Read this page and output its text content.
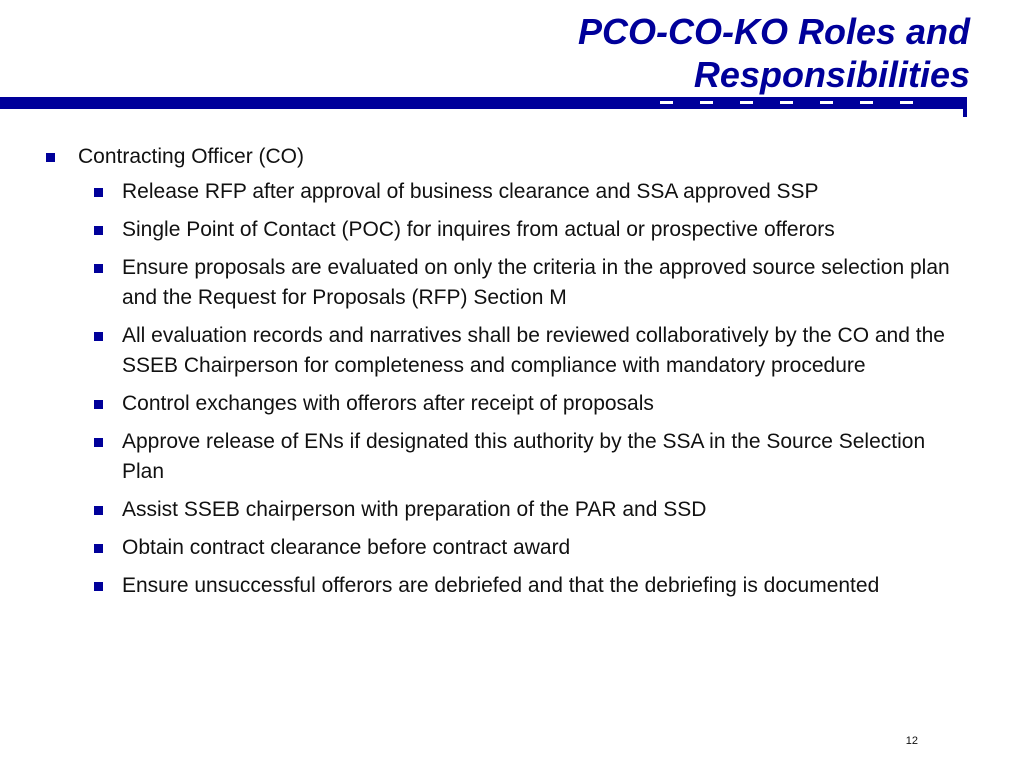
PCO-CO-KO Roles and
Responsibilities
Contracting Officer (CO)
Release RFP after approval of business clearance and SSA approved SSP
Single Point of Contact (POC) for inquires from actual or prospective offerors
Ensure proposals are evaluated on only the criteria in the approved source selection plan and the Request for Proposals (RFP) Section M
All evaluation records and narratives shall be reviewed collaboratively by the CO and the SSEB Chairperson for completeness and compliance with mandatory procedure
Control exchanges with offerors after receipt of proposals
Approve release of ENs if designated this authority by the SSA in the Source Selection Plan
Assist SSEB chairperson with preparation of the PAR and SSD
Obtain contract clearance before contract award
Ensure unsuccessful offerors are debriefed and that the debriefing is documented
12
